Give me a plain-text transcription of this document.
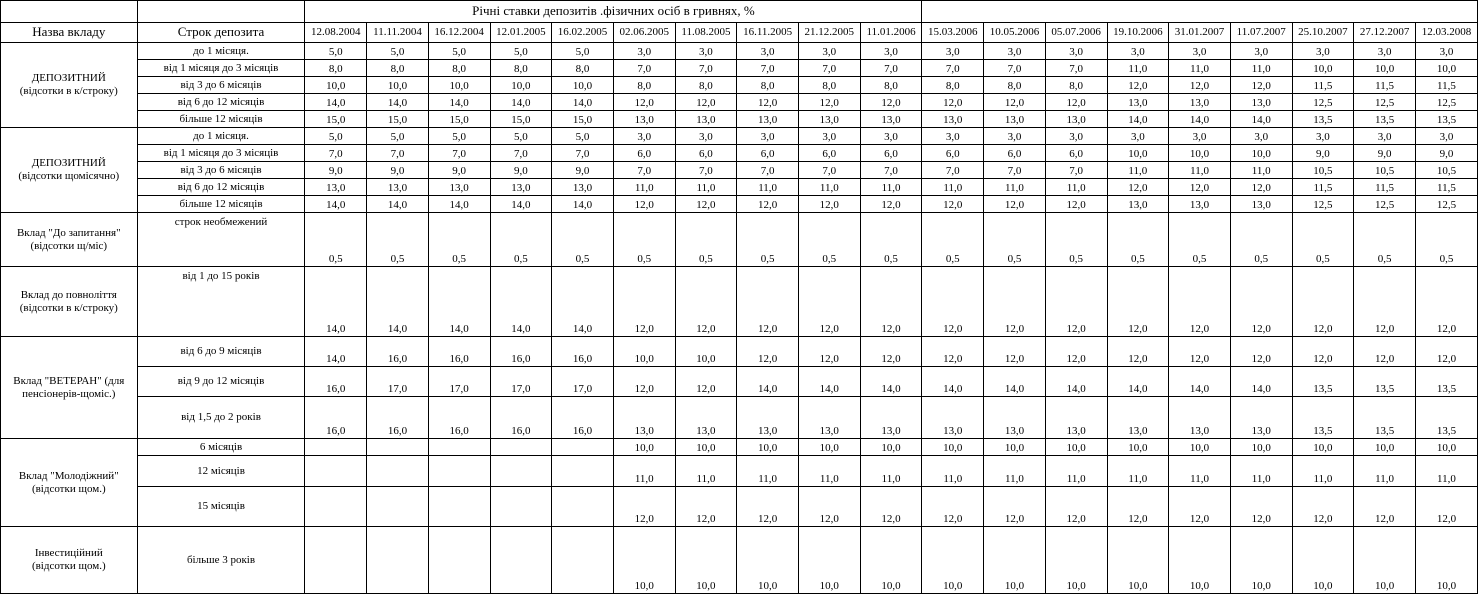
		Річні ставки депозитів .фізичних осіб в гривнях, %																		
Назва вкладу	Строк депозита	12.08.2004	11.11.2004	16.12.2004	12.01.2005	16.02.2005	02.06.2005	11.08.2005	16.11.2005	21.12.2005	11.01.2006	15.03.2006	10.05.2006	05.07.2006	19.10.2006	31.01.2007	11.07.2007	25.10.2007	27.12.2007	12.03.2008
ДЕПОЗИТНИЙ
(відсотки в к/строку)	до 1 місяця.	5,0	5,0	5,0	5,0	5,0	3,0	3,0	3,0	3,0	3,0	3,0	3,0	3,0	3,0	3,0	3,0	3,0	3,0	3,0
	від 1 місяця до 3 місяців	8,0	8,0	8,0	8,0	8,0	7,0	7,0	7,0	7,0	7,0	7,0	7,0	7,0	11,0	11,0	11,0	10,0	10,0	10,0
	від 3 до 6 місяців	10,0	10,0	10,0	10,0	10,0	8,0	8,0	8,0	8,0	8,0	8,0	8,0	8,0	12,0	12,0	12,0	11,5	11,5	11,5
	від 6 до 12 місяців	14,0	14,0	14,0	14,0	14,0	12,0	12,0	12,0	12,0	12,0	12,0	12,0	12,0	13,0	13,0	13,0	12,5	12,5	12,5
	більше 12 місяців	15,0	15,0	15,0	15,0	15,0	13,0	13,0	13,0	13,0	13,0	13,0	13,0	13,0	14,0	14,0	14,0	13,5	13,5	13,5
ДЕПОЗИТНИЙ
(відсотки щомісячно)	до 1 місяця.	5,0	5,0	5,0	5,0	5,0	3,0	3,0	3,0	3,0	3,0	3,0	3,0	3,0	3,0	3,0	3,0	3,0	3,0	3,0
	від 1 місяця до 3 місяців	7,0	7,0	7,0	7,0	7,0	6,0	6,0	6,0	6,0	6,0	6,0	6,0	6,0	10,0	10,0	10,0	9,0	9,0	9,0
	від 3 до 6 місяців	9,0	9,0	9,0	9,0	9,0	7,0	7,0	7,0	7,0	7,0	7,0	7,0	7,0	11,0	11,0	11,0	10,5	10,5	10,5
	від 6 до 12 місяців	13,0	13,0	13,0	13,0	13,0	11,0	11,0	11,0	11,0	11,0	11,0	11,0	11,0	12,0	12,0	12,0	11,5	11,5	11,5
	більше 12 місяців	14,0	14,0	14,0	14,0	14,0	12,0	12,0	12,0	12,0	12,0	12,0	12,0	12,0	13,0	13,0	13,0	12,5	12,5	12,5
Вклад "До запитання"
(відсотки щ/міс)	строк необмежений	0,5	0,5	0,5	0,5	0,5	0,5	0,5	0,5	0,5	0,5	0,5	0,5	0,5	0,5	0,5	0,5	0,5	0,5	0,5
Вклад до повноліття
(відсотки в к/строку)	від 1 до 15 років	14,0	14,0	14,0	14,0	14,0	12,0	12,0	12,0	12,0	12,0	12,0	12,0	12,0	12,0	12,0	12,0	12,0	12,0	12,0
Вклад "ВЕТЕРАН" (для
пенсіонерів-щоміс.)	від 6 до 9 місяців	14,0	16,0	16,0	16,0	16,0	10,0	10,0	12,0	12,0	12,0	12,0	12,0	12,0	12,0	12,0	12,0	12,0	12,0	12,0
	від 9 до 12 місяців	16,0	17,0	17,0	17,0	17,0	12,0	12,0	14,0	14,0	14,0	14,0	14,0	14,0	14,0	14,0	14,0	13,5	13,5	13,5
	від 1,5 до 2 років	16,0	16,0	16,0	16,0	16,0	13,0	13,0	13,0	13,0	13,0	13,0	13,0	13,0	13,0	13,0	13,0	13,5	13,5	13,5
Вклад "Молодіжний"
(відсотки щом.)	6 місяців						10,0	10,0	10,0	10,0	10,0	10,0	10,0	10,0	10,0	10,0	10,0	10,0	10,0	10,0
	12 місяців						11,0	11,0	11,0	11,0	11,0	11,0	11,0	11,0	11,0	11,0	11,0	11,0	11,0	11,0
	15 місяців						12,0	12,0	12,0	12,0	12,0	12,0	12,0	12,0	12,0	12,0	12,0	12,0	12,0	12,0
Інвестиційний
(відсотки щом.)	більше 3 років						10,0	10,0	10,0	10,0	10,0	10,0	10,0	10,0	10,0	10,0	10,0	10,0	10,0	10,0
